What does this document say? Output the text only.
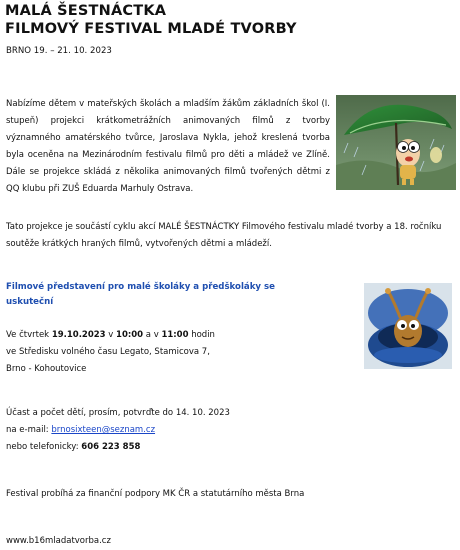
MALÁ ŠESTNÁCTKA
FILMOVÝ FESTIVAL MLADÉ TVORBY
BRNO 19. – 21. 10. 2023
Nabízíme dětem v mateřských školách a mladším žákům základních škol (I. stupeň) projekci krátkometrážních animovaných filmů z tvorby významného amatérského tvůrce, Jaroslava Nykla, jehož kreslená tvorba byla oceněna na Mezinárodním festivalu filmů pro děti a mládež ve Zlíně. Dále se projekce skládá z několika animovaných filmů tvořených dětmi z QQ klubu při ZUŠ Eduarda Marhuly Ostrava.
Tato projekce je součástí cyklu akcí MALÉ ŠESTNÁCTKY Filmového festivalu mladé tvorby a 18. ročníku soutěže krátkých hraných filmů, vytvořených dětmi a mládeží.
Filmové představení pro malé školáky a předškoláky se uskuteční
Ve čtvrtek 19.10.2023 v 10:00 a v 11:00 hodin
ve Středisku volného času Legato, Stamicova 7,
Brno - Kohoutovice
Účast a počet dětí, prosím, potvrďte do 14. 10. 2023
na e-mail: brnosixteen@seznam.cz
nebo telefonicky: 606 223 858
Festival probíhá za finanční podpory MK ČR a statutárního města Brna
www.b16mladatvorba.cz
